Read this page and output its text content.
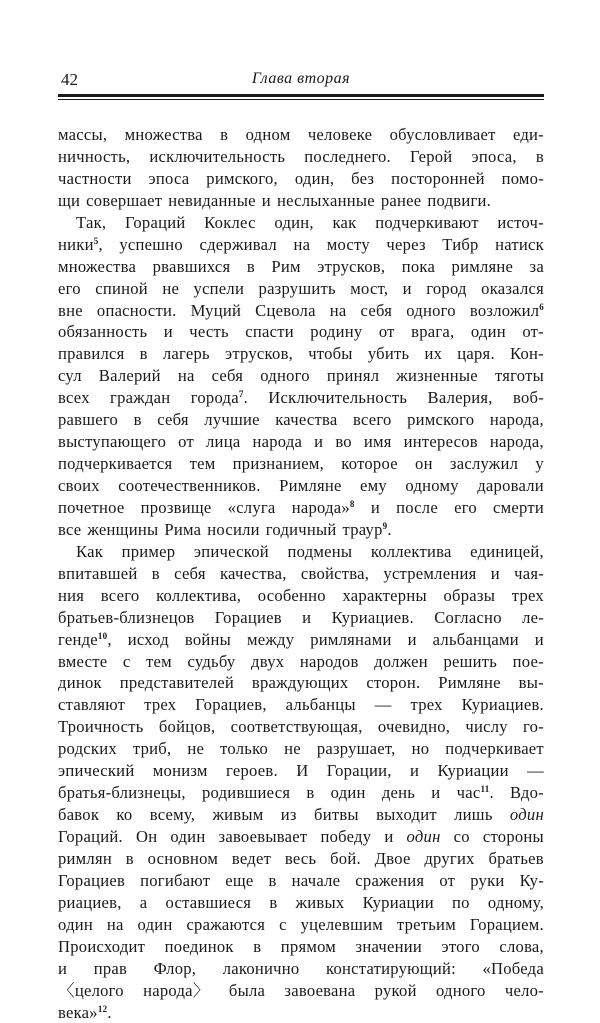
42	Глава вторая
массы, множества в одном человеке обусловливает еди-
ничность, исключительность последнего. Герой эпоса, в
частности эпоса римского, один, без посторонней помо-
щи совершает невиданные и неслыханные ранее подвиги.
Так, Гораций Коклес один, как подчеркивают источ-
ники$^5$, успешно сдерживал на мосту через Тибр натиск
множества рвавшихся в Рим этрусков, пока римляне за
его спиной не успели разрушить мост, и город оказался
вне опасности. Муций Сцевола на себя одного возложил$^6$
обязанность и честь спасти родину от врага, один от-
правился в лагерь этрусков, чтобы убить их царя. Кон-
сул Валерий на себя одного принял жизненные тяготы
всех граждан города$^7$. Исключительность Валерия, воб-
равшего в себя лучшие качества всего римского народа,
выступающего от лица народа и во имя интересов народа,
подчеркивается тем признанием, которое он заслужил у
своих соотечественников. Римляне ему одному даровали
почетное прозвище «слуга народа»$^8$ и после его смерти
все женщины Рима носили годичный траур$^9$.
Как пример эпической подмены коллектива единицей,
впитавшей в себя качества, свойства, устремления и чая-
ния всего коллектива, особенно характерны образы трех
братьев-близнецов Горациев и Куриациев. Согласно ле-
генде$^{10}$, исход войны между римлянами и альбанцами и
вместе с тем судьбу двух народов должен решить пое-
динок представителей враждующих сторон. Римляне вы-
ставляют трех Горациев, альбанцы — трех Куриациев.
Троичность бойцов, соответствующая, очевидно, числу го-
родских триб, не только не разрушает, но подчеркивает
эпический монизм героев. И Горации, и Куриации —
братья-близнецы, родившиеся в один день и час$^{11}$. Вдо-
бавок ко всему, живым из битвы выходит лишь один
Гораций. Он один завоевывает победу и один со стороны
римлян в основном ведет весь бой. Двое других братьев
Горациев погибают еще в начале сражения от руки Ку-
риациев, а оставшиеся в живых Куриации по одному,
один на один сражаются с уцелевшим третьим Горацием.
Происходит поединок в прямом значении этого слова,
и прав Флор, лаконично констатирующий: «Победа
〈целого народа〉 была завоевана рукой одного чело-
века»$^{12}$.
